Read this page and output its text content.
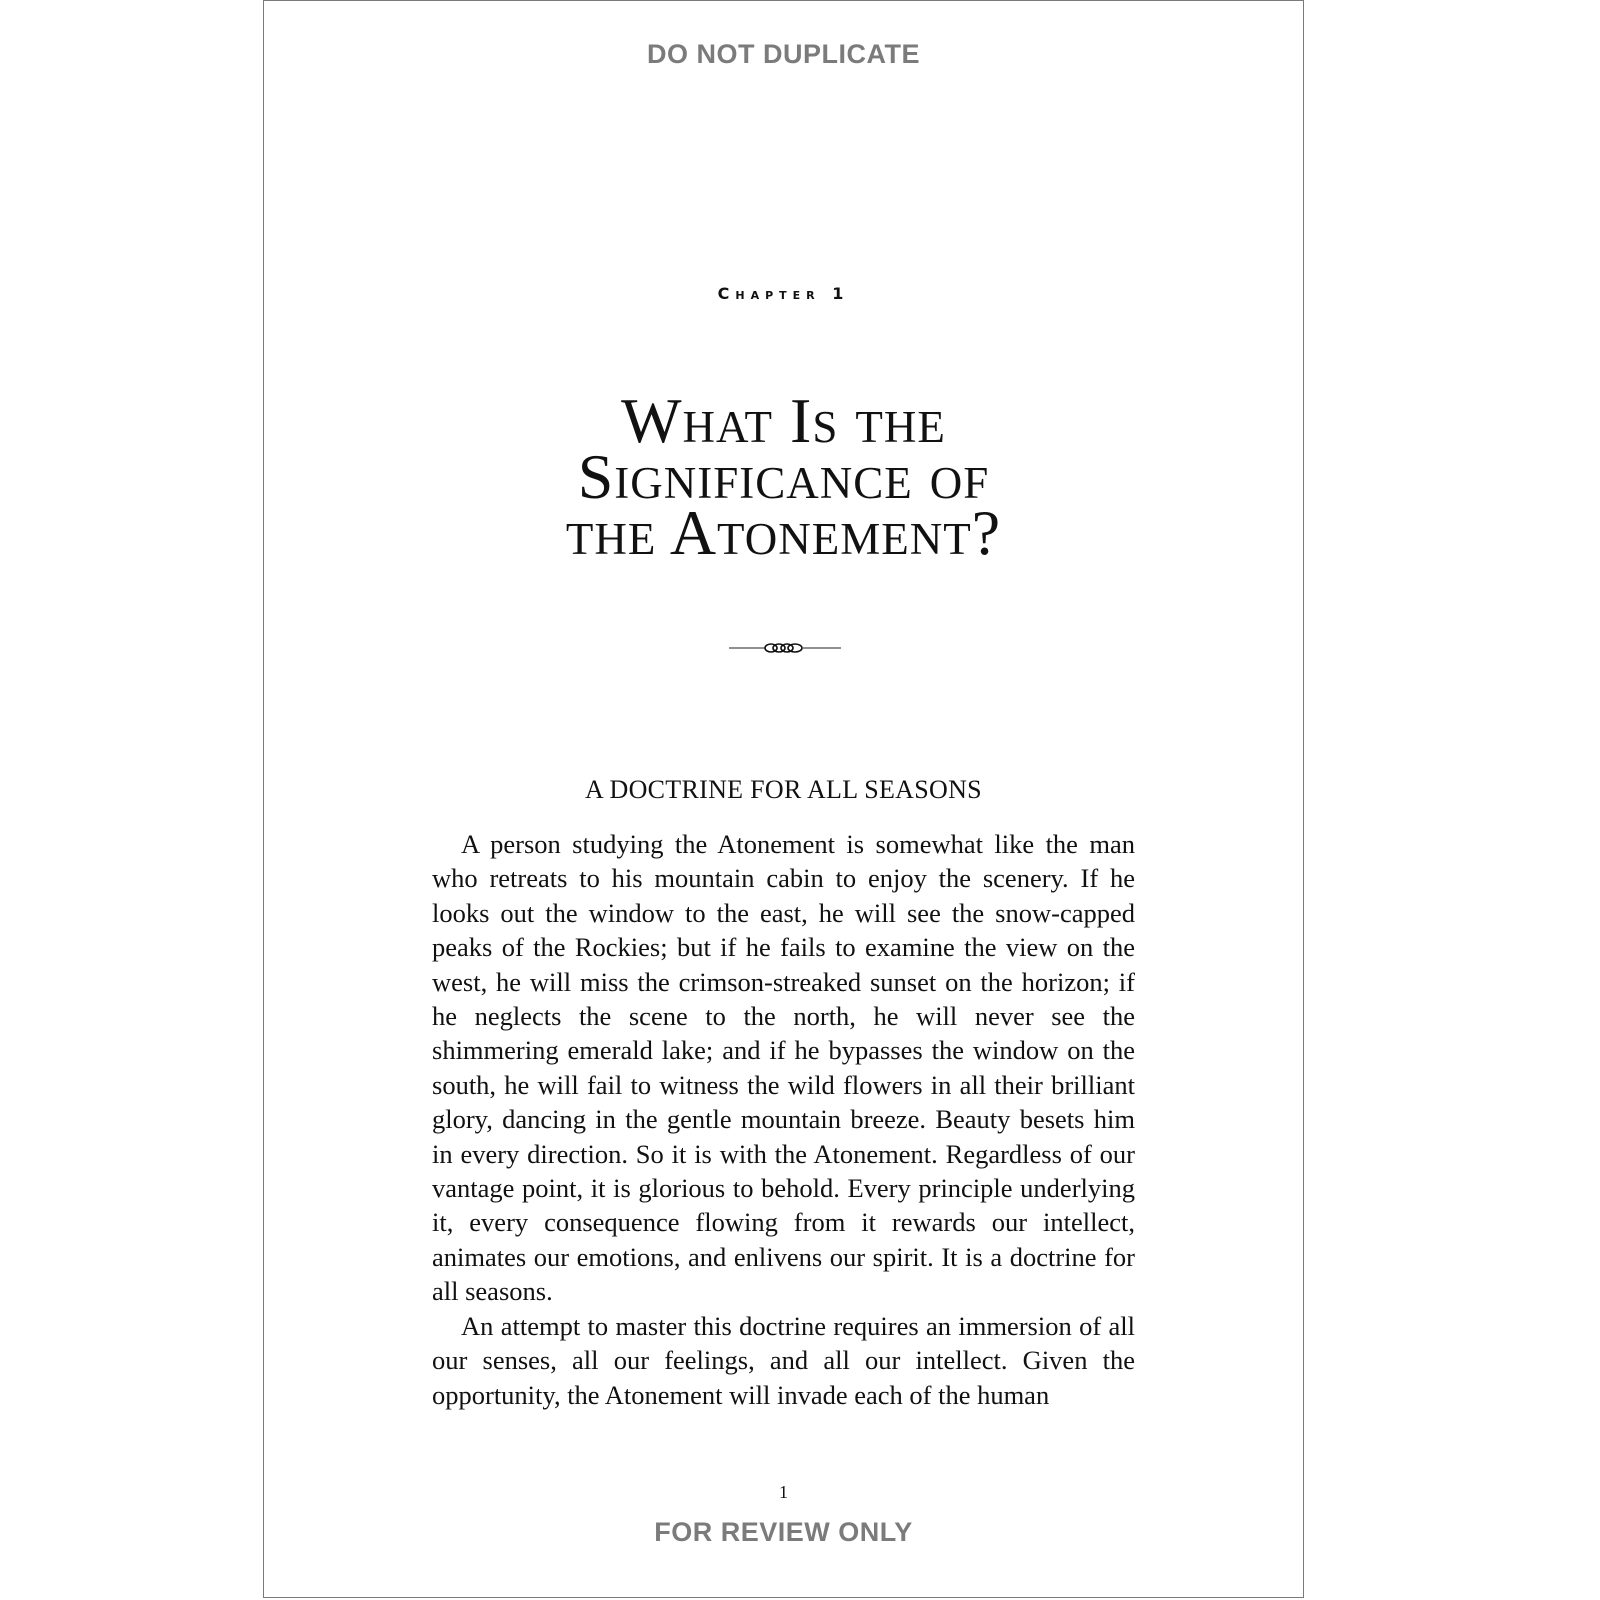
DO NOT DUPLICATE
Chapter 1
What Is the
Significance of
the Atonement?
A DOCTRINE FOR ALL SEASONS

A person studying the Atonement is somewhat like the man who retreats to his mountain cabin to enjoy the scenery. If he looks out the window to the east, he will see the snow-capped peaks of the Rockies; but if he fails to examine the view on the west, he will miss the crimson-streaked sunset on the horizon; if he neglects the scene to the north, he will never see the shimmering emerald lake; and if he bypasses the window on the south, he will fail to witness the wild flowers in all their brilliant glory, dancing in the gentle mountain breeze. Beauty besets him in every direction. So it is with the Atonement. Regardless of our vantage point, it is glorious to behold. Every principle underlying it, every consequence flowing from it rewards our intellect, animates our emotions, and enlivens our spirit. It is a doctrine for all seasons.

An attempt to master this doctrine requires an immersion of all our senses, all our feelings, and all our intellect. Given the opportunity, the Atonement will invade each of the human

1
FOR REVIEW ONLY
